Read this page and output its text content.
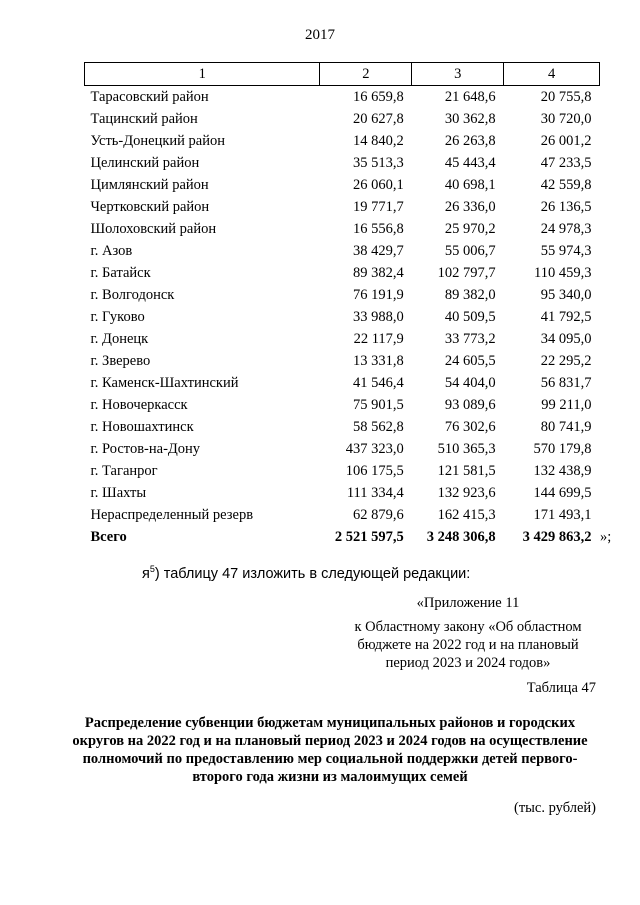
2017
1	2	3	4
Тарасовский район	16 659,8	21 648,6	20 755,8
Тацинский район	20 627,8	30 362,8	30 720,0
Усть-Донецкий район	14 840,2	26 263,8	26 001,2
Целинский район	35 513,3	45 443,4	47 233,5
Цимлянский район	26 060,1	40 698,1	42 559,8
Чертковский район	19 771,7	26 336,0	26 136,5
Шолоховский район	16 556,8	25 970,2	24 978,3
г. Азов	38 429,7	55 006,7	55 974,3
г. Батайск	89 382,4	102 797,7	110 459,3
г. Волгодонск	76 191,9	89 382,0	95 340,0
г. Гуково	33 988,0	40 509,5	41 792,5
г. Донецк	22 117,9	33 773,2	34 095,0
г. Зверево	13 331,8	24 605,5	22 295,2
г. Каменск-Шахтинский	41 546,4	54 404,0	56 831,7
г. Новочеркасск	75 901,5	93 089,6	99 211,0
г. Новошахтинск	58 562,8	76 302,6	80 741,9
г. Ростов-на-Дону	437 323,0	510 365,3	570 179,8
г. Таганрог	106 175,5	121 581,5	132 438,9
г. Шахты	111 334,4	132 923,6	144 699,5
Нераспределенный резерв	62 879,6	162 415,3	171 493,1
Всего	2 521 597,5	3 248 306,8	3 429 863,2 »;
$я^5$) таблицу 47 изложить в следующей редакции:
«Приложение 11
к Областному закону «Об областном бюджете на 2022 год и на плановый период 2023 и 2024 годов»
Таблица 47
Распределение субвенции бюджетам муниципальных районов и городских округов на 2022 год и на плановый период 2023 и 2024 годов на осуществление полномочий по предоставлению мер социальной поддержки детей первого-второго года жизни из малоимущих семей
(тыс. рублей)
